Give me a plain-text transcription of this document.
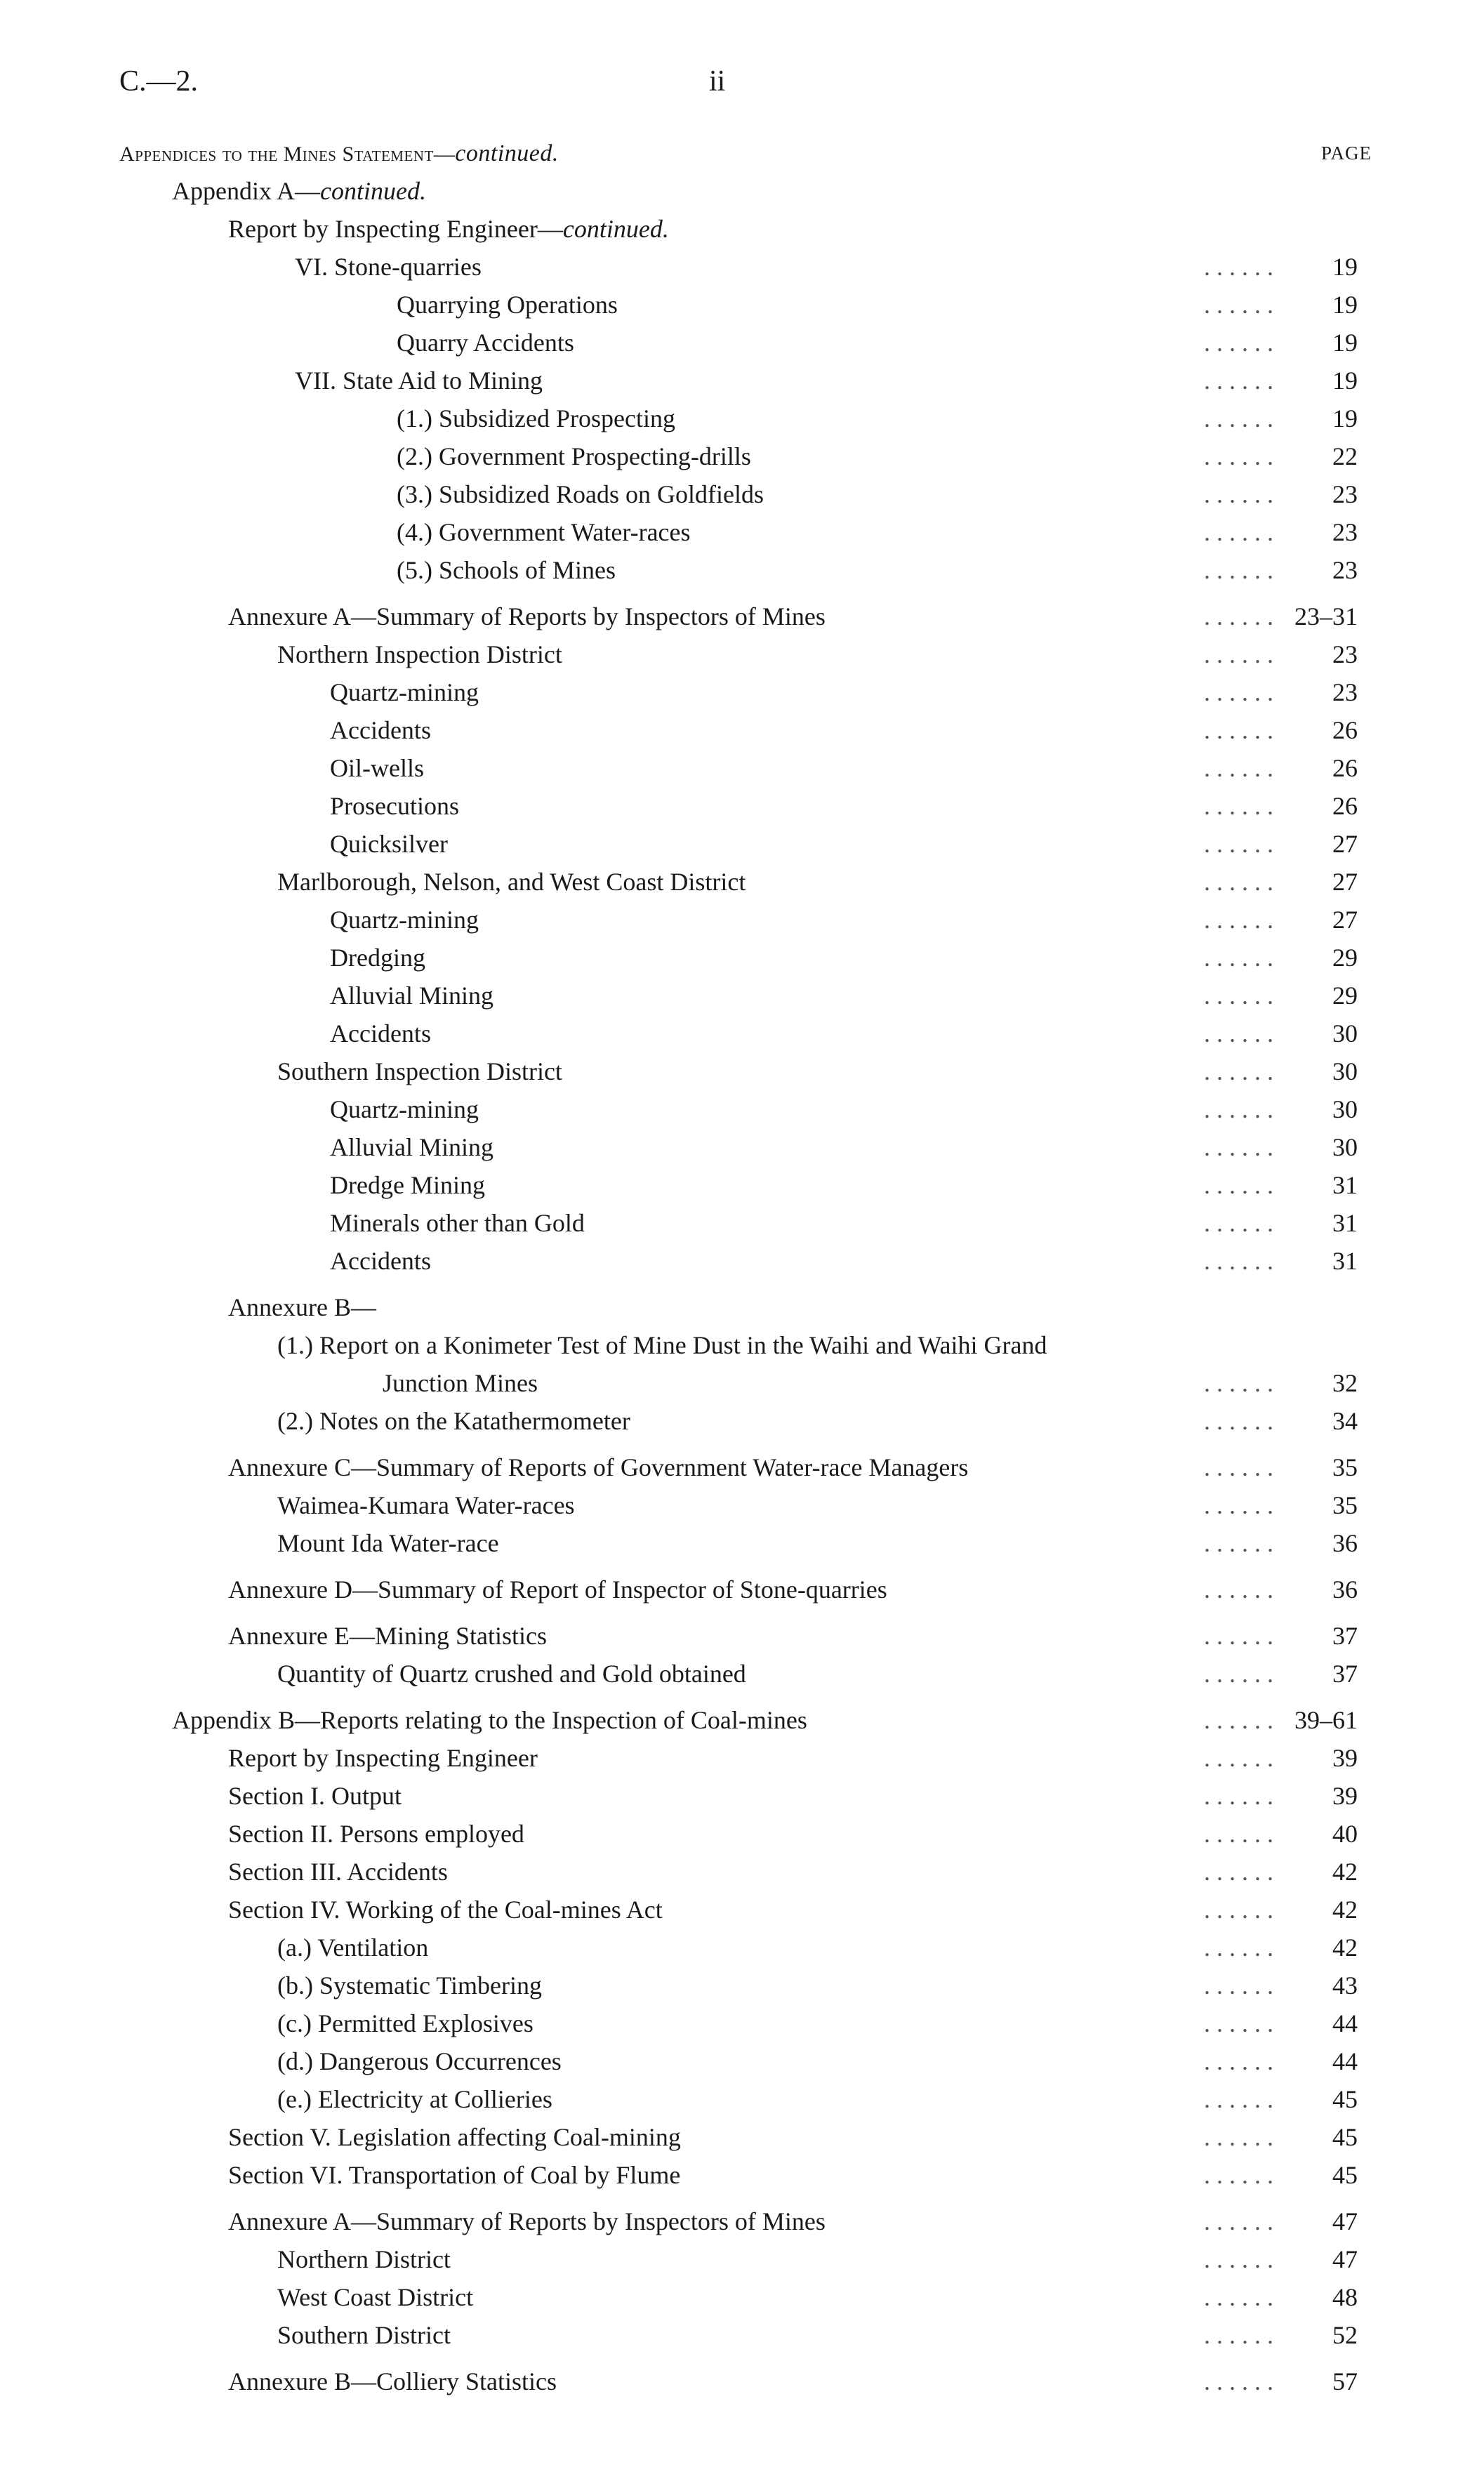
C.—2.	ii
Appendices to the Mines Statement—continued.	PAGE
Appendix A—continued.
Report by Inspecting Engineer—continued.
VI. Stone-quarries	. . . . . . 19
Quarrying Operations	. . . . . . 19
Quarry Accidents	. . . . . . 19
VII. State Aid to Mining	. . . . . . 19
(1.) Subsidized Prospecting	. . . . . . 19
(2.) Government Prospecting-drills	. . . . . . 22
(3.) Subsidized Roads on Goldfields	. . . . . . 23
(4.) Government Water-races	. . . . . . 23
(5.) Schools of Mines	. . . . . . 23
Annexure A—Summary of Reports by Inspectors of Mines	. . . . . . 23–31
Northern Inspection District	. . . . . . 23
Quartz-mining	. . . . . . 23
Accidents	. . . . . . 26
Oil-wells	. . . . . . 26
Prosecutions	. . . . . . 26
Quicksilver	. . . . . . 27
Marlborough, Nelson, and West Coast District	. . . . . . 27
Quartz-mining	. . . . . . 27
Dredging	. . . . . . 29
Alluvial Mining	. . . . . . 29
Accidents	. . . . . . 30
Southern Inspection District	. . . . . . 30
Quartz-mining	. . . . . . 30
Alluvial Mining	. . . . . . 30
Dredge Mining	. . . . . . 31
Minerals other than Gold	. . . . . . 31
Accidents	. . . . . . 31
Annexure B—
(1.) Report on a Konimeter Test of Mine Dust in the Waihi and Waihi Grand
Junction Mines	. . . . . . 32
(2.) Notes on the Katathermometer	. . . . . . 34
Annexure C—Summary of Reports of Government Water-race Managers	. . . . . . 35
Waimea-Kumara Water-races	. . . . . . 35
Mount Ida Water-race	. . . . . . 36
Annexure D—Summary of Report of Inspector of Stone-quarries	. . . . . . 36
Annexure E—Mining Statistics	. . . . . . 37
Quantity of Quartz crushed and Gold obtained	. . . . . . 37
Appendix B—Reports relating to the Inspection of Coal-mines	. . . . . . 39–61
Report by Inspecting Engineer	. . . . . . 39
Section I. Output	. . . . . . 39
Section II. Persons employed	. . . . . . 40
Section III. Accidents	. . . . . . 42
Section IV. Working of the Coal-mines Act	. . . . . . 42
(a.) Ventilation	. . . . . . 42
(b.) Systematic Timbering	. . . . . . 43
(c.) Permitted Explosives	. . . . . . 44
(d.) Dangerous Occurrences	. . . . . . 44
(e.) Electricity at Collieries	. . . . . . 45
Section V. Legislation affecting Coal-mining	. . . . . . 45
Section VI. Transportation of Coal by Flume	. . . . . . 45
Annexure A—Summary of Reports by Inspectors of Mines	. . . . . . 47
Northern District	. . . . . . 47
West Coast District	. . . . . . 48
Southern District	. . . . . . 52
Annexure B—Colliery Statistics	. . . . . . 57
